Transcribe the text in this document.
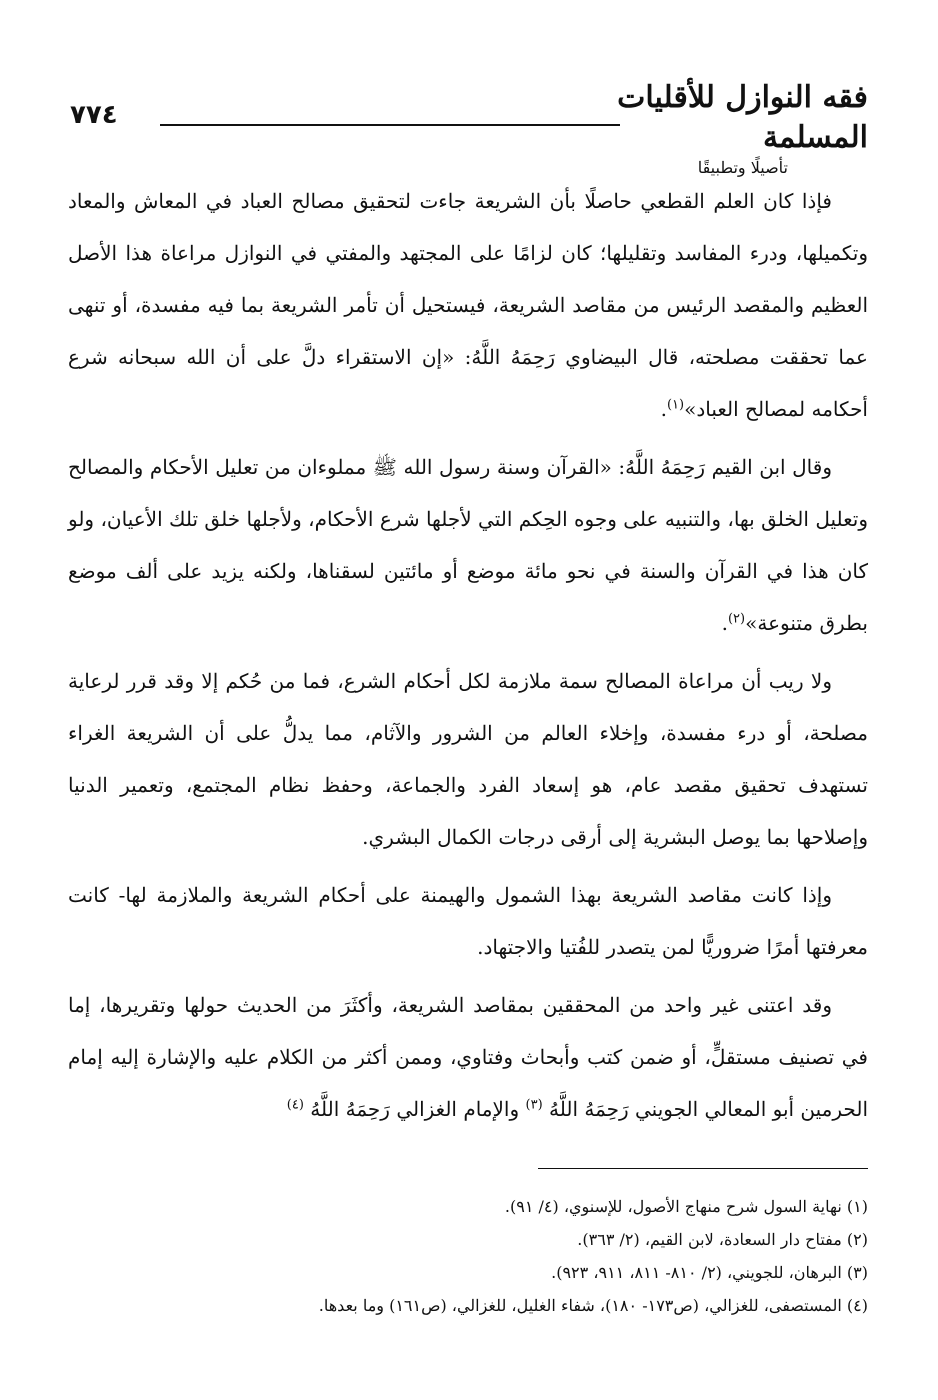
٧٧٤	فقه النوازل للأقليات المسلمة
تأصيلًا وتطبيقًا

فإذا كان العلم القطعي حاصلًا بأن الشريعة جاءت لتحقيق مصالح العباد في المعاش والمعاد وتكميلها، ودرء المفاسد وتقليلها؛ كان لزامًا على المجتهد والمفتي في النوازل مراعاة هذا الأصل العظيم والمقصد الرئيس من مقاصد الشريعة، فيستحيل أن تأمر الشريعة بما فيه مفسدة، أو تنهى عما تحققت مصلحته، قال البيضاوي رَحِمَهُ اللَّهُ: «إن الاستقراء دلَّ على أن الله سبحانه شرع أحكامه لمصالح العباد»$^{(١)}$.

وقال ابن القيم رَحِمَهُ اللَّهُ: «القرآن وسنة رسول الله ﷺ مملوءان من تعليل الأحكام والمصالح وتعليل الخلق بها، والتنبيه على وجوه الحِكم التي لأجلها شرع الأحكام، ولأجلها خلق تلك الأعيان، ولو كان هذا في القرآن والسنة في نحو مائة موضع أو مائتين لسقناها، ولكنه يزيد على ألف موضع بطرق متنوعة»$^{(٢)}$.

ولا ريب أن مراعاة المصالح سمة ملازمة لكل أحكام الشرع، فما من حُكم إلا وقد قرر لرعاية مصلحة، أو درء مفسدة، وإخلاء العالم من الشرور والآثام، مما يدلُّ على أن الشريعة الغراء تستهدف تحقيق مقصد عام، هو إسعاد الفرد والجماعة، وحفظ نظام المجتمع، وتعمير الدنيا وإصلاحها بما يوصل البشرية إلى أرقى درجات الكمال البشري.

وإذا كانت مقاصد الشريعة بهذا الشمول والهيمنة على أحكام الشريعة والملازمة لها- كانت معرفتها أمرًا ضروريًّا لمن يتصدر للفُتيا والاجتهاد.

وقد اعتنى غير واحد من المحققين بمقاصد الشريعة، وأكثَرَ من الحديث حولها وتقريرها، إما في تصنيف مستقلٍّ، أو ضمن كتب وأبحاث وفتاوي، وممن أكثر من الكلام عليه والإشارة إليه إمام الحرمين أبو المعالي الجويني رَحِمَهُ اللَّهُ $^{(٣)}$ والإمام الغزالي رَحِمَهُ اللَّهُ $^{(٤)}$

(١) نهاية السول شرح منهاج الأصول، للإسنوي، (٤/ ٩١).
(٢) مفتاح دار السعادة، لابن القيم، (٢/ ٣٦٣).
(٣) البرهان، للجويني، (٢/ ٨١٠- ٨١١، ٩١١، ٩٢٣).
(٤) المستصفى، للغزالي، (ص١٧٣- ١٨٠)، شفاء الغليل، للغزالي، (ص١٦١) وما بعدها.
